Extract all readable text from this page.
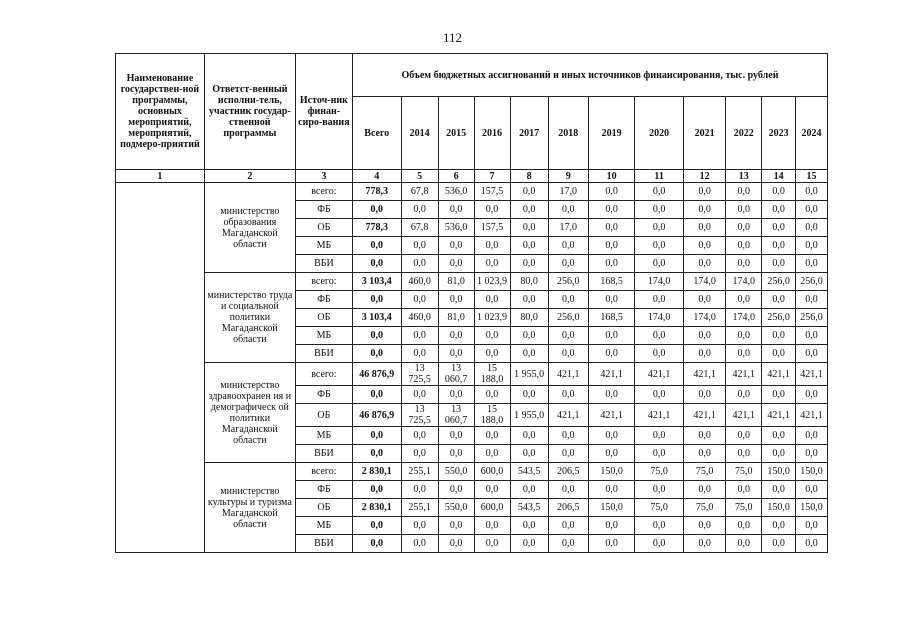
112
Наименование государствен-ной программы, основных мероприятий, мероприятий, подмеро-приятий	Ответст-венный исполни-тель, участник государ-ственной программы	Источ-ник финан-сиро-вания	Объем бюджетных ассигнований и иных источников финансирования, тыс. рублей											
			Всего	2014	2015	2016	2017	2018	2019	2020	2021	2022	2023	2024
1	2	3	4	5	6	7	8	9	10	11	12	13	14	15
	министерство образования Магаданской области	всего:	778,3	67,8	536,0	157,5	0,0	17,0	0,0	0,0	0,0	0,0	0,0	0,0
		ФБ	0,0	0,0	0,0	0,0	0,0	0,0	0,0	0,0	0,0	0,0	0,0	0,0
		ОБ	778,3	67,8	536,0	157,5	0,0	17,0	0,0	0,0	0,0	0,0	0,0	0,0
		МБ	0,0	0,0	0,0	0,0	0,0	0,0	0,0	0,0	0,0	0,0	0,0	0,0
		ВБИ	0,0	0,0	0,0	0,0	0,0	0,0	0,0	0,0	0,0	0,0	0,0	0,0
	министерство труда и социальной политики Магаданской области	всего:	3 103,4	460,0	81,0	1 023,9	80,0	256,0	168,5	174,0	174,0	174,0	256,0	256,0
		ФБ	0,0	0,0	0,0	0,0	0,0	0,0	0,0	0,0	0,0	0,0	0,0	0,0
		ОБ	3 103,4	460,0	81,0	1 023,9	80,0	256,0	168,5	174,0	174,0	174,0	256,0	256,0
		МБ	0,0	0,0	0,0	0,0	0,0	0,0	0,0	0,0	0,0	0,0	0,0	0,0
		ВБИ	0,0	0,0	0,0	0,0	0,0	0,0	0,0	0,0	0,0	0,0	0,0	0,0
	министерство здравоохранен ия и демографическ ой политики Магаданской области	всего:	46 876,9	13 725,5	13 060,7	15 188,0	1 955,0	421,1	421,1	421,1	421,1	421,1	421,1	421,1
		ФБ	0,0	0,0	0,0	0,0	0,0	0,0	0,0	0,0	0,0	0,0	0,0	0,0
		ОБ	46 876,9	13 725,5	13 060,7	15 188,0	1 955,0	421,1	421,1	421,1	421,1	421,1	421,1	421,1
		МБ	0,0	0,0	0,0	0,0	0,0	0,0	0,0	0,0	0,0	0,0	0,0	0,0
		ВБИ	0,0	0,0	0,0	0,0	0,0	0,0	0,0	0,0	0,0	0,0	0,0	0,0
	министерство культуры и туризма Магаданской области	всего:	2 830,1	255,1	550,0	600,0	543,5	206,5	150,0	75,0	75,0	75,0	150,0	150,0
		ФБ	0,0	0,0	0,0	0,0	0,0	0,0	0,0	0,0	0,0	0,0	0,0	0,0
		ОБ	2 830,1	255,1	550,0	600,0	543,5	206,5	150,0	75,0	75,0	75,0	150,0	150,0
		МБ	0,0	0,0	0,0	0,0	0,0	0,0	0,0	0,0	0,0	0,0	0,0	0,0
		ВБИ	0,0	0,0	0,0	0,0	0,0	0,0	0,0	0,0	0,0	0,0	0,0	0,0
